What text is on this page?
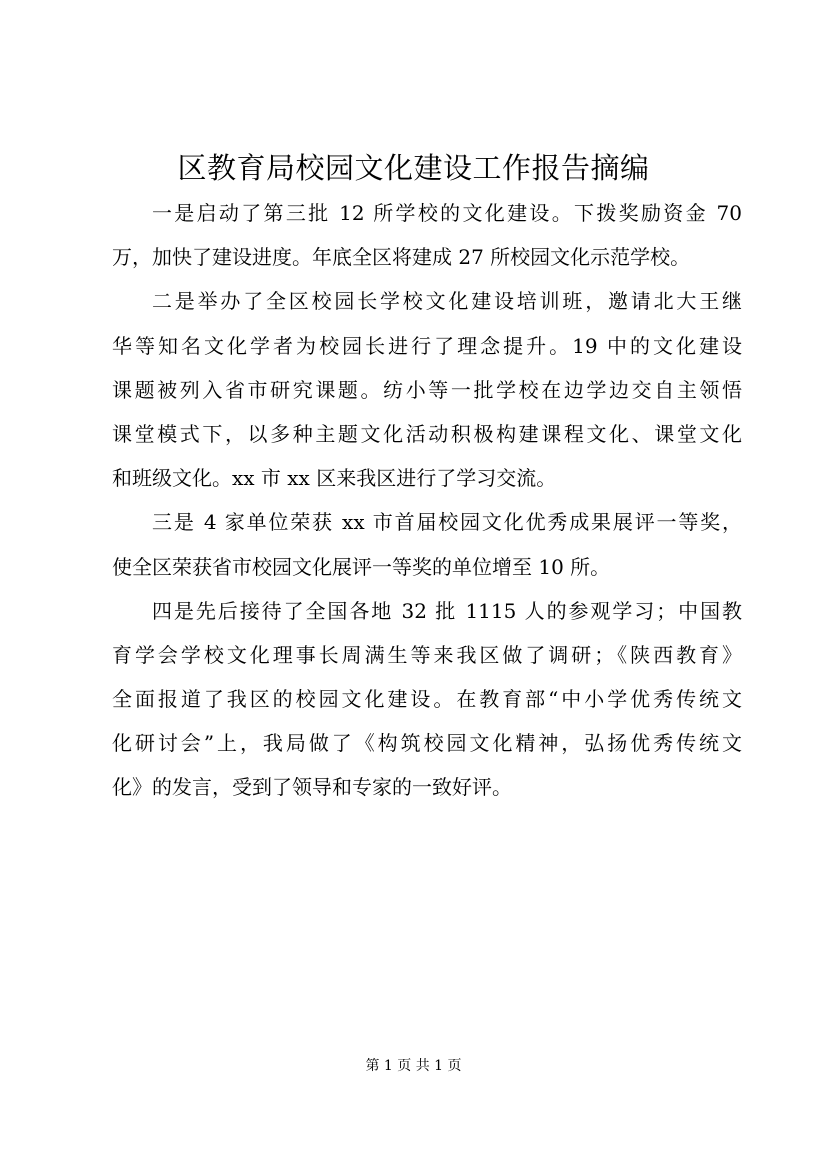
区教育局校园文化建设工作报告摘编
一是启动了第三批 12 所学校的文化建设。下拨奖励资金 70
万，加快了建设进度。年底全区将建成 27 所校园文化示范学校。
二是举办了全区校园长学校文化建设培训班，邀请北大王继
华等知名文化学者为校园长进行了理念提升。19 中的文化建设
课题被列入省市研究课题。纺小等一批学校在边学边交自主领悟
课堂模式下，以多种主题文化活动积极构建课程文化、课堂文化
和班级文化。xx 市 xx 区来我区进行了学习交流。
三是 4 家单位荣获 xx 市首届校园文化优秀成果展评一等奖，
使全区荣获省市校园文化展评一等奖的单位增至 10 所。
四是先后接待了全国各地 32 批 1115 人的参观学习；中国教
育学会学校文化理事长周满生等来我区做了调研；《陕西教育》
全面报道了我区的校园文化建设。在教育部“中小学优秀传统文
化研讨会”上，我局做了《构筑校园文化精神，弘扬优秀传统文
化》的发言，受到了领导和专家的一致好评。
第 1 页 共 1 页
